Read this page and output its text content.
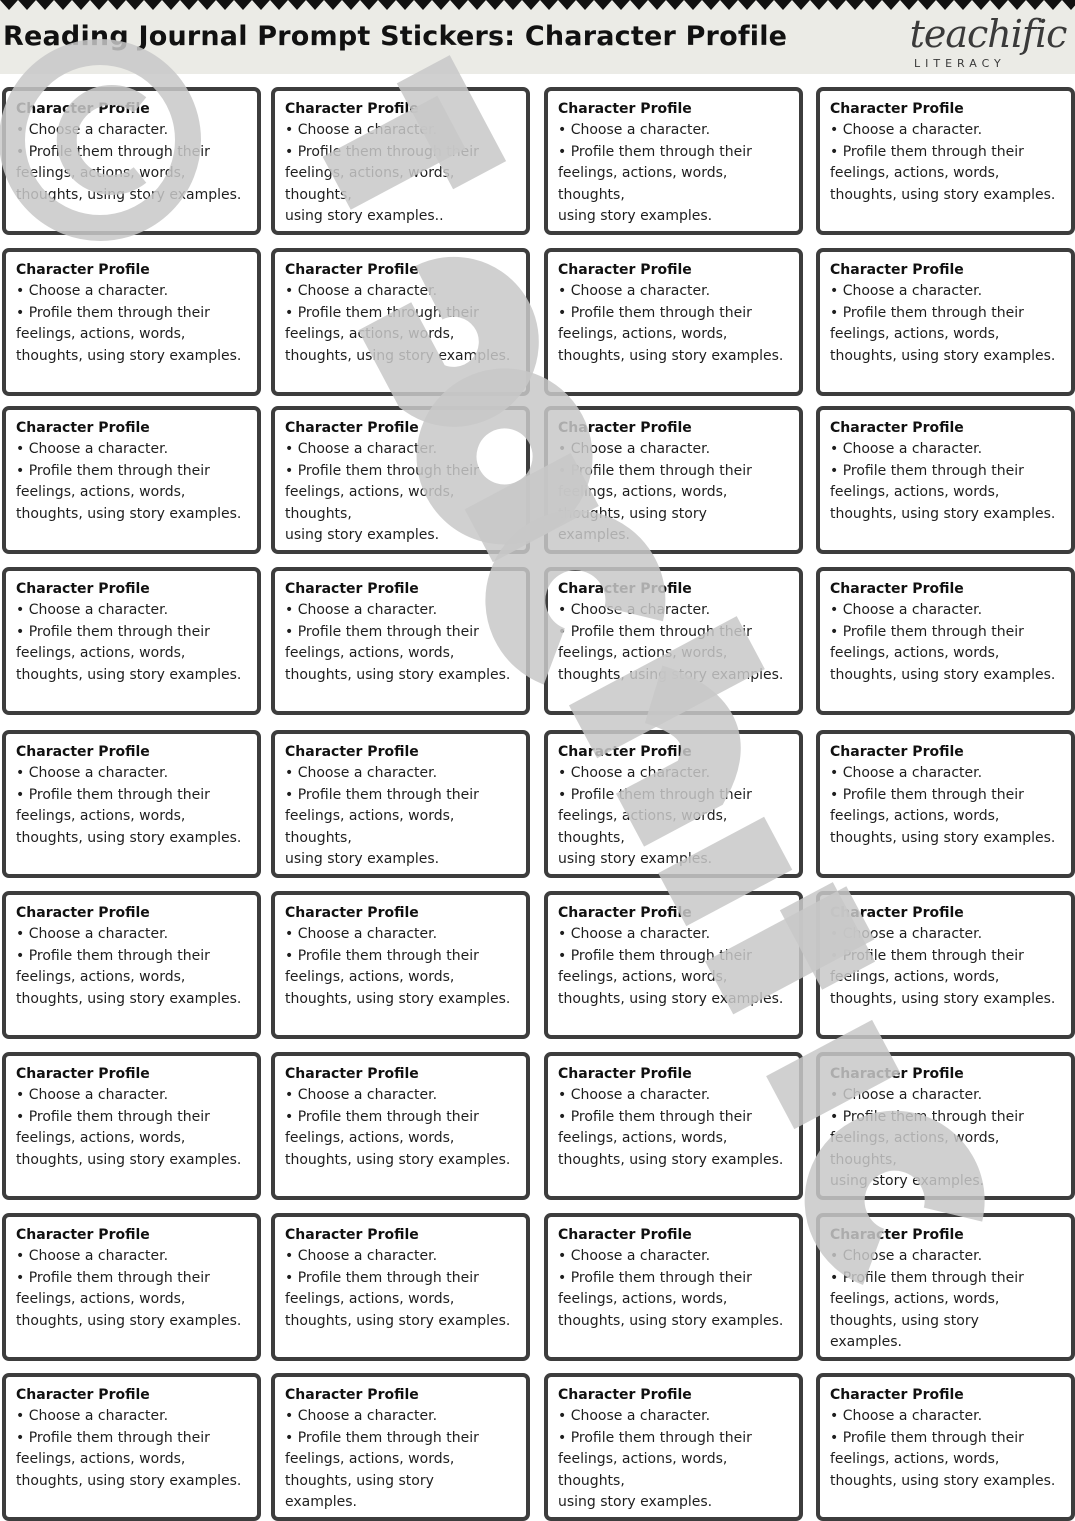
Reading Journal Prompt Stickers: Character Profile	teachific
LITERACY
Character Profile
• Choose a character.
• Profile them through their
feelings, actions, words,
thoughts, using story examples.
Character Profile
• Choose a character.
• Profile them through their
feelings, actions, words, thoughts,
using story examples..
Character Profile
• Choose a character.
• Profile them through their
feelings, actions, words, thoughts,
using story examples.
Character Profile
• Choose a character.
• Profile them through their
feelings, actions, words,
thoughts, using story examples.
Character Profile
• Choose a character.
• Profile them through their
feelings, actions, words,
thoughts, using story examples.
Character Profile
• Choose a character.
• Profile them through their
feelings, actions, words,
thoughts, using story examples.
Character Profile
• Choose a character.
• Profile them through their
feelings, actions, words,
thoughts, using story examples.
Character Profile
• Choose a character.
• Profile them through their
feelings, actions, words,
thoughts, using story examples.
Character Profile
• Choose a character.
• Profile them through their
feelings, actions, words,
thoughts, using story examples.
Character Profile
• Choose a character.
• Profile them through their
feelings, actions, words, thoughts,
using story examples.
Character Profile
• Choose a character.
• Profile them through their
feelings, actions, words,
thoughts, using story
examples.
Character Profile
• Choose a character.
• Profile them through their
feelings, actions, words,
thoughts, using story examples.
Character Profile
• Choose a character.
• Profile them through their
feelings, actions, words,
thoughts, using story examples.
Character Profile
• Choose a character.
• Profile them through their
feelings, actions, words,
thoughts, using story examples.
Character Profile
• Choose a character.
• Profile them through their
feelings, actions, words,
thoughts, using story examples.
Character Profile
• Choose a character.
• Profile them through their
feelings, actions, words,
thoughts, using story examples.
Character Profile
• Choose a character.
• Profile them through their
feelings, actions, words,
thoughts, using story examples.
Character Profile
• Choose a character.
• Profile them through their
feelings, actions, words, thoughts,
using story examples.
Character Profile
• Choose a character.
• Profile them through their
feelings, actions, words, thoughts,
using story examples.
Character Profile
• Choose a character.
• Profile them through their
feelings, actions, words,
thoughts, using story examples.
Character Profile
• Choose a character.
• Profile them through their
feelings, actions, words,
thoughts, using story examples.
Character Profile
• Choose a character.
• Profile them through their
feelings, actions, words,
thoughts, using story examples.
Character Profile
• Choose a character.
• Profile them through their
feelings, actions, words,
thoughts, using story examples.
Character Profile
• Choose a character.
• Profile them through their
feelings, actions, words,
thoughts, using story examples.
Character Profile
• Choose a character.
• Profile them through their
feelings, actions, words,
thoughts, using story examples.
Character Profile
• Choose a character.
• Profile them through their
feelings, actions, words,
thoughts, using story examples.
Character Profile
• Choose a character.
• Profile them through their
feelings, actions, words,
thoughts, using story examples.
Character Profile
• Choose a character.
• Profile them through their
feelings, actions, words, thoughts,
using story examples.
Character Profile
• Choose a character.
• Profile them through their
feelings, actions, words,
thoughts, using story examples.
Character Profile
• Choose a character.
• Profile them through their
feelings, actions, words,
thoughts, using story examples.
Character Profile
• Choose a character.
• Profile them through their
feelings, actions, words,
thoughts, using story examples.
Character Profile
• Choose a character.
• Profile them through their
feelings, actions, words,
thoughts, using story
examples.
Character Profile
• Choose a character.
• Profile them through their
feelings, actions, words,
thoughts, using story examples.
Character Profile
• Choose a character.
• Profile them through their
feelings, actions, words,
thoughts, using story
examples.
Character Profile
• Choose a character.
• Profile them through their
feelings, actions, words, thoughts,
using story examples.
Character Profile
• Choose a character.
• Profile them through their
feelings, actions, words,
thoughts, using story examples.
